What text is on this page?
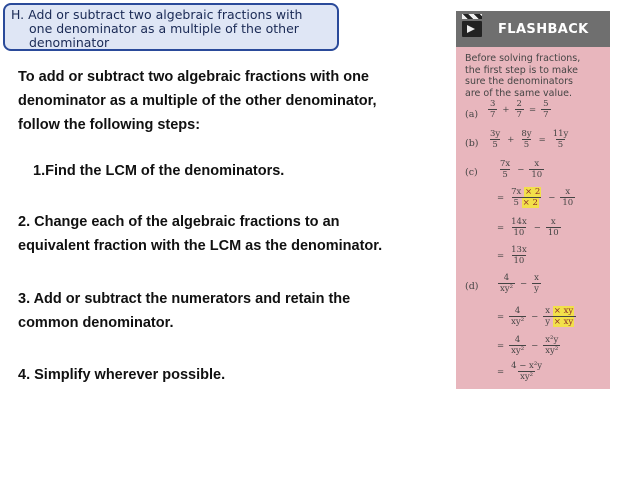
H. Add or subtract two algebraic fractions with
one denominator as a multiple of the other
denominator
To add or subtract two algebraic fractions with one
denominator as a multiple of the other denominator,
follow the following steps:
1.Find the LCM of the denominators.
2. Change each of the algebraic fractions to an
equivalent fraction with the LCM as the denominator.
3. Add or subtract the numerators and retain the
common denominator.
4. Simplify wherever possible.
FLASHBACK
Before solving fractions,
the first step is to make
sure the denominators
are of the same value.
$(a) \frac{3}{7} + \frac{2}{7} = \frac{5}{7}$
$(b) \frac{3y}{5} + \frac{8y}{5} = \frac{11y}{5}$
$(c) \frac{7x}{5} - \frac{x}{10}$
= $\frac{7x \times 2}{5 \times 2} - \frac{x}{10}$
= $\frac{14x}{10} - \frac{x}{10}$
= $\frac{13x}{10}$
$(d) \frac{4}{\text{xy²}} - \frac{x}{y}$
= $\frac{4}{\text{xy²}} - \frac{x \times xy}{y \times xy}$
= $\frac{4}{\text{xy²}} - \frac{\text{x²y}}{\text{xy²}}$
= $\frac{\text{4 − x²y}}{\text{xy²}}$
